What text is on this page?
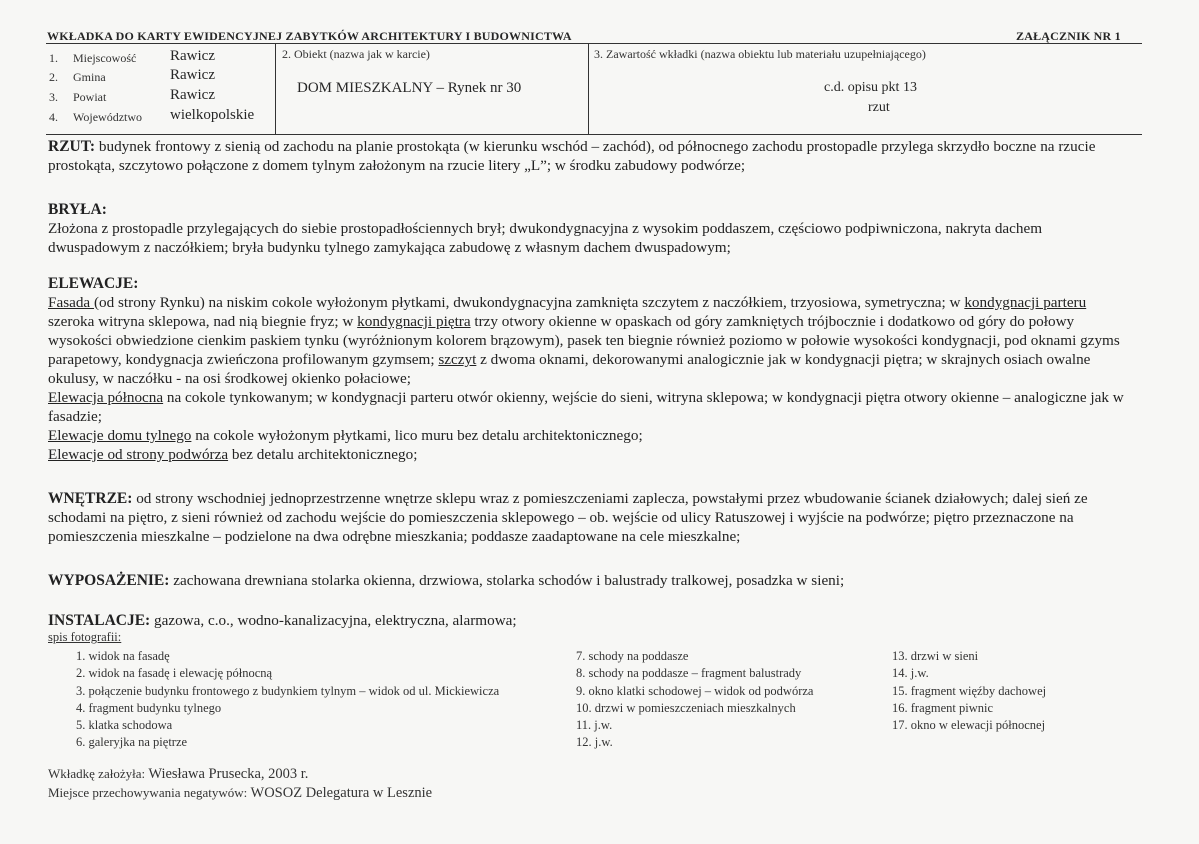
WKŁADKA DO KARTY EWIDENCYJNEJ ZABYTKÓW ARCHITEKTURY I BUDOWNICTWA	ZAŁĄCZNIK NR 1
1. Miejscowość Rawicz
2. Gmina	Rawicz
3. Powiat	Rawicz
4. Województwo wielkopolskie
2. Obiekt (nazwa jak w karcie)
DOM MIESZKALNY – Rynek nr 30
3. Zawartość wkładki (nazwa obiektu lub materiału uzupełniającego)
c.d. opisu pkt 13
rzut
RZUT: budynek frontowy z sienią od zachodu na planie prostokąta (w kierunku wschód – zachód), od północnego zachodu prostopadle przylega skrzydło boczne na rzucie prostokąta, szczytowo połączone z domem tylnym założonym na rzucie litery „L”; w środku zabudowy podwórze;
BRYŁA:
Złożona z prostopadle przylegających do siebie prostopadłościennych brył; dwukondygnacyjna z wysokim poddaszem, częściowo podpiwniczona, nakryta dachem dwuspadowym z naczółkiem; bryła budynku tylnego zamykająca zabudowę z własnym dachem dwuspadowym;
ELEWACJE:
Fasada (od strony Rynku) na niskim cokole wyłożonym płytkami, dwukondygnacyjna zamknięta szczytem z naczółkiem, trzyosiowa, symetryczna; w kondygnacji parteru szeroka witryna sklepowa, nad nią biegnie fryz; w kondygnacji piętra trzy otwory okienne w opaskach od góry zamkniętych trójbocznie i dodatkowo od góry do połowy wysokości obwiedzione cienkim paskiem tynku (wyróżnionym kolorem brązowym), pasek ten biegnie również poziomo w połowie wysokości kondygnacji, pod oknami gzyms parapetowy, kondygnacja zwieńczona profilowanym gzymsem; szczyt z dwoma oknami, dekorowanymi analogicznie jak w kondygnacji piętra; w skrajnych osiach owalne okulusy, w naczółku - na osi środkowej okienko połaciowe;
Elewacja północna na cokole tynkowanym; w kondygnacji parteru otwór okienny, wejście do sieni, witryna sklepowa; w kondygnacji piętra otwory okienne – analogiczne jak w fasadzie;
Elewacje domu tylnego na cokole wyłożonym płytkami, lico muru bez detalu architektonicznego;
Elewacje od strony podwórza bez detalu architektonicznego;
WNĘTRZE: od strony wschodniej jednoprzestrzenne wnętrze sklepu wraz z pomieszczeniami zaplecza, powstałymi przez wbudowanie ścianek działowych; dalej sień ze schodami na piętro, z sieni również od zachodu wejście do pomieszczenia sklepowego – ob. wejście od ulicy Ratuszowej i wyjście na podwórze; piętro przeznaczone na pomieszczenia mieszkalne – podzielone na dwa odrębne mieszkania; poddasze zaadaptowane na cele mieszkalne;
WYPOSAŻENIE: zachowana drewniana stolarka okienna, drzwiowa, stolarka schodów i balustrady tralkowej, posadzka w sieni;
INSTALACJE: gazowa, c.o., wodno-kanalizacyjna, elektryczna, alarmowa;
spis fotografii:
1. widok na fasadę
2. widok na fasadę i elewację północną
3. połączenie budynku frontowego z budynkiem tylnym – widok od ul. Mickiewicza
4. fragment budynku tylnego
5. klatka schodowa
6. galeryjka na piętrze
7. schody na poddasze
8. schody na poddasze – fragment balustrady
9. okno klatki schodowej – widok od podwórza
10. drzwi w pomieszczeniach mieszkalnych
11. j.w.
12. j.w.
13. drzwi w sieni
14. j.w.
15. fragment więźby dachowej
16. fragment piwnic
17. okno w elewacji północnej
Wkładkę założyła: Wiesława Prusecka, 2003 r.
Miejsce przechowywania negatywów: WOSOZ Delegatura w Lesznie
